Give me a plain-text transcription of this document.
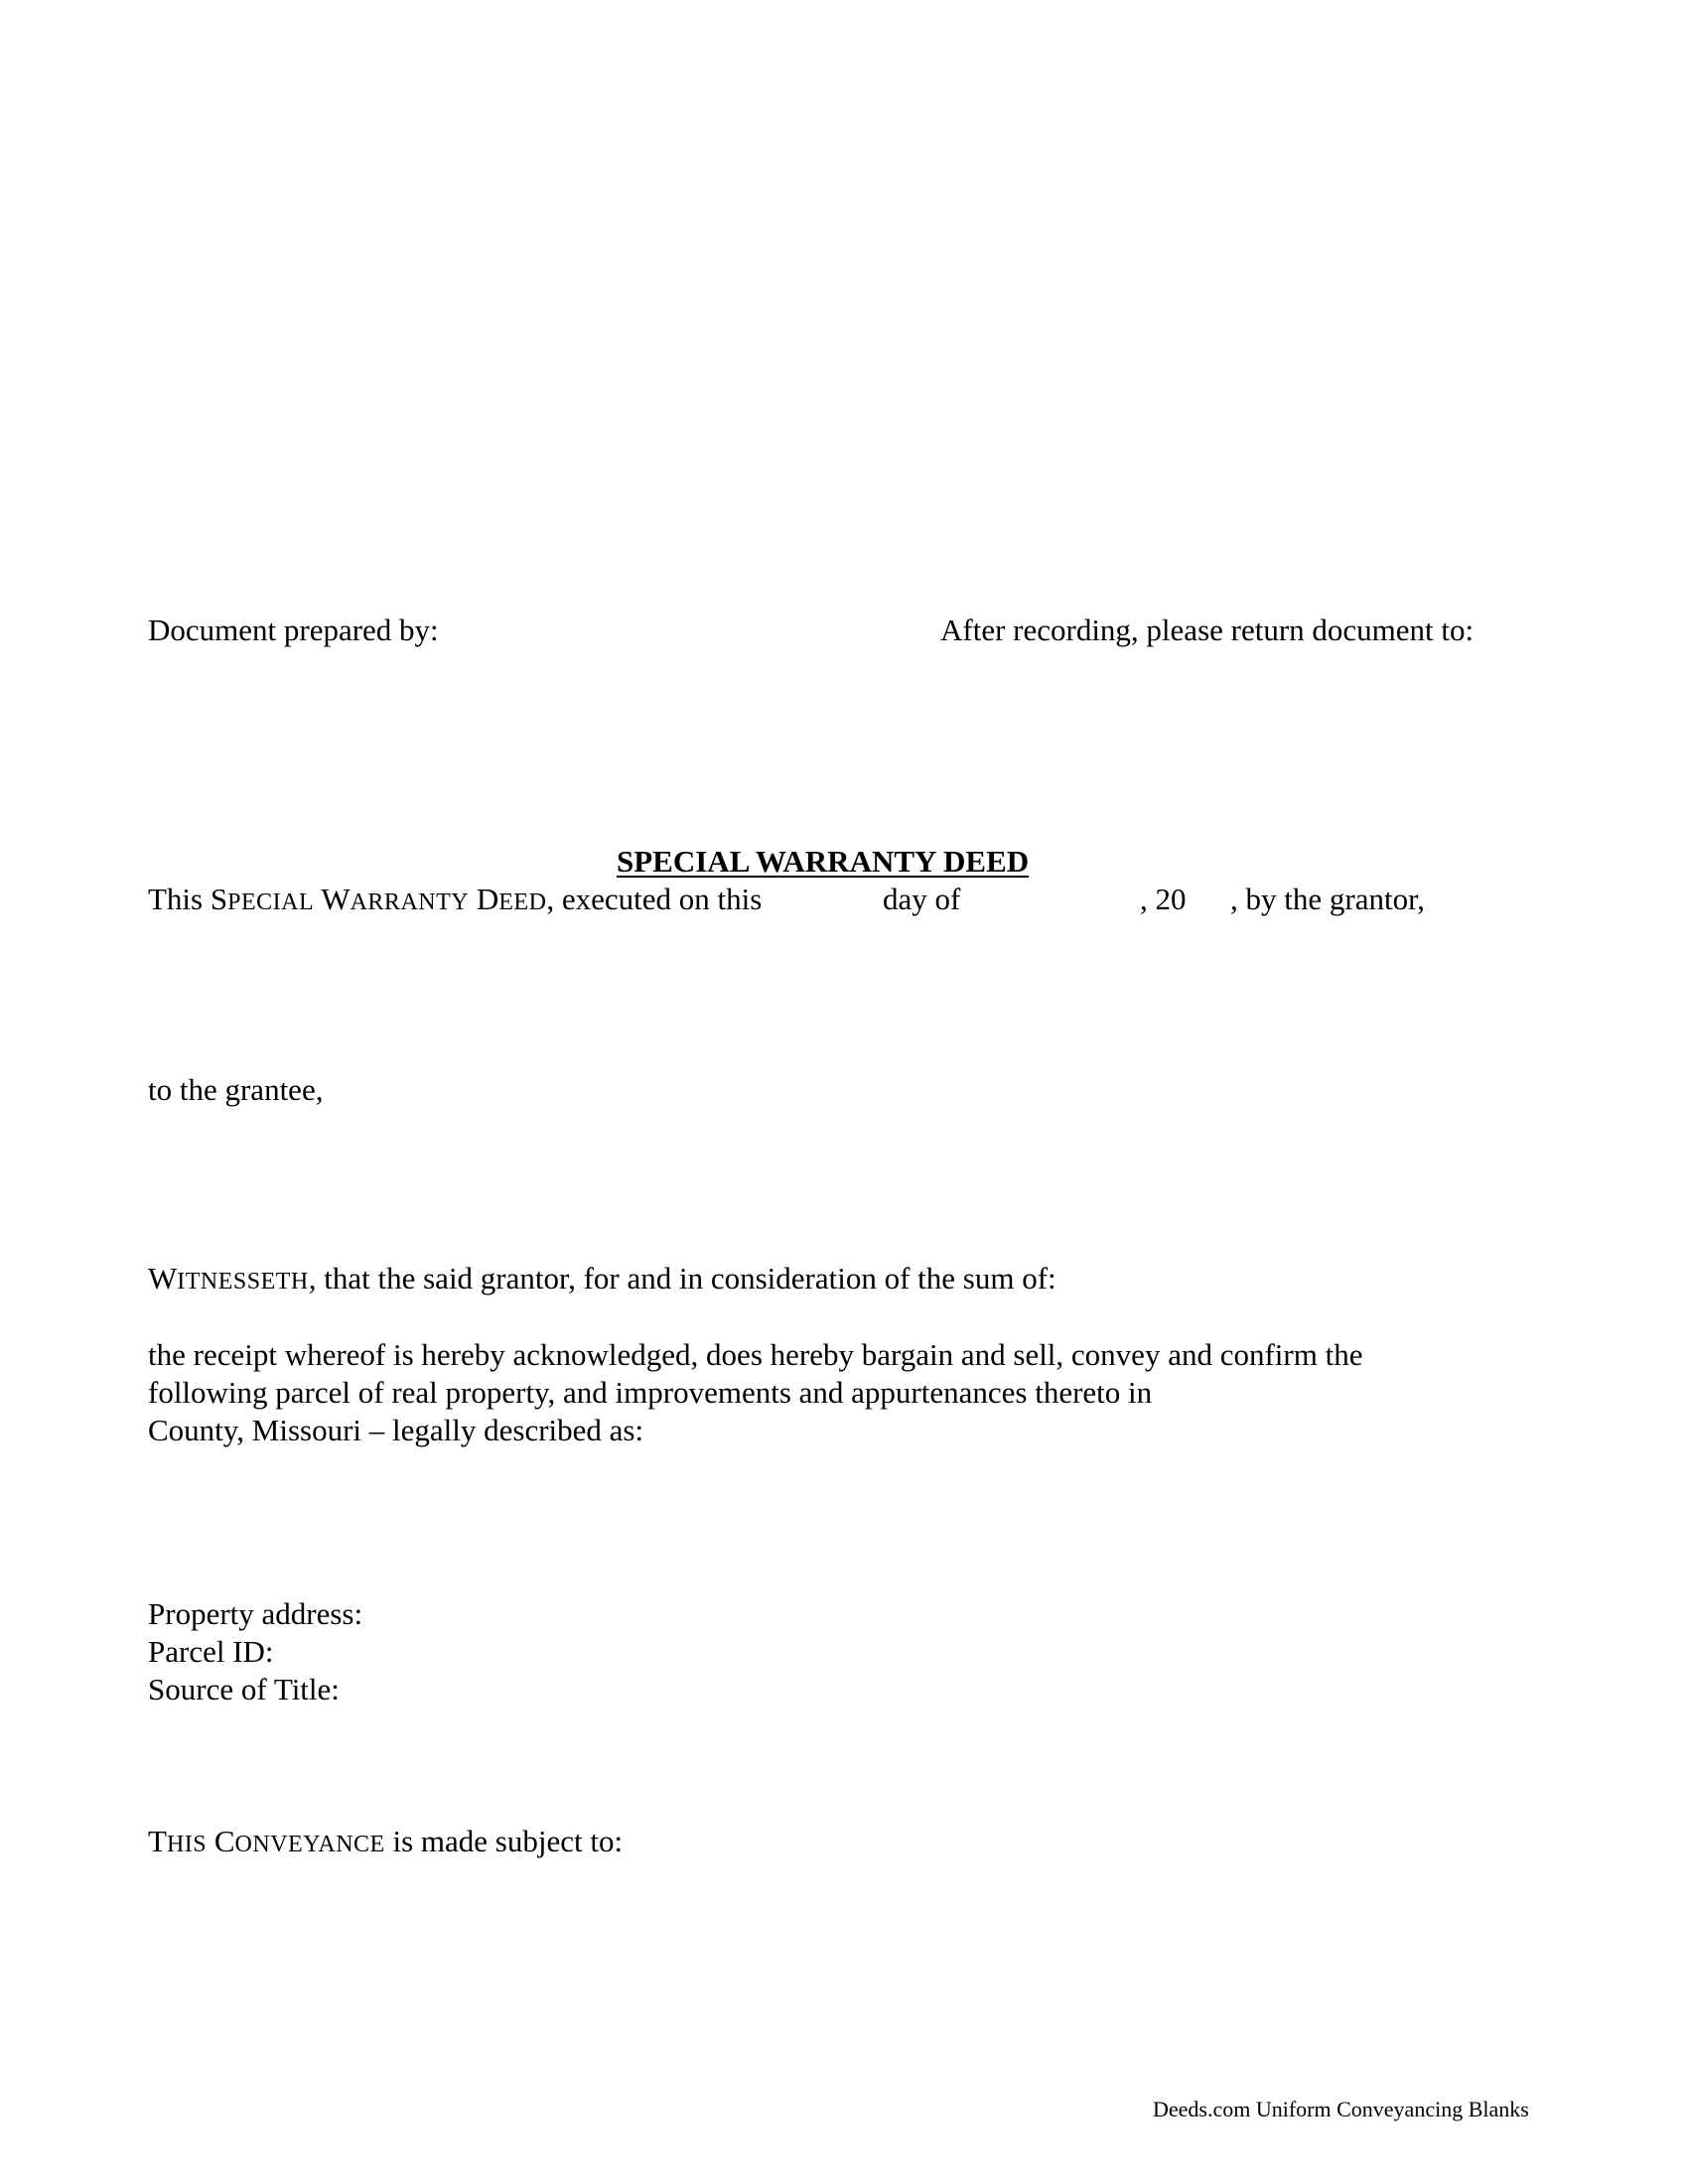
Document prepared by:	After recording, please return document to:
SPECIAL WARRANTY DEED
This SPECIAL WARRANTY DEED, executed on this	day of	, 20 , by the grantor,
to the grantee,
WITNESSETH, that the said grantor, for and in consideration of the sum of:
the receipt whereof is hereby acknowledged, does hereby bargain and sell, convey and confirm the
following parcel of real property, and improvements and appurtenances thereto in
County, Missouri – legally described as:
Property address:
Parcel ID:
Source of Title:
THIS CONVEYANCE is made subject to:
Deeds.com Uniform Conveyancing Blanks
